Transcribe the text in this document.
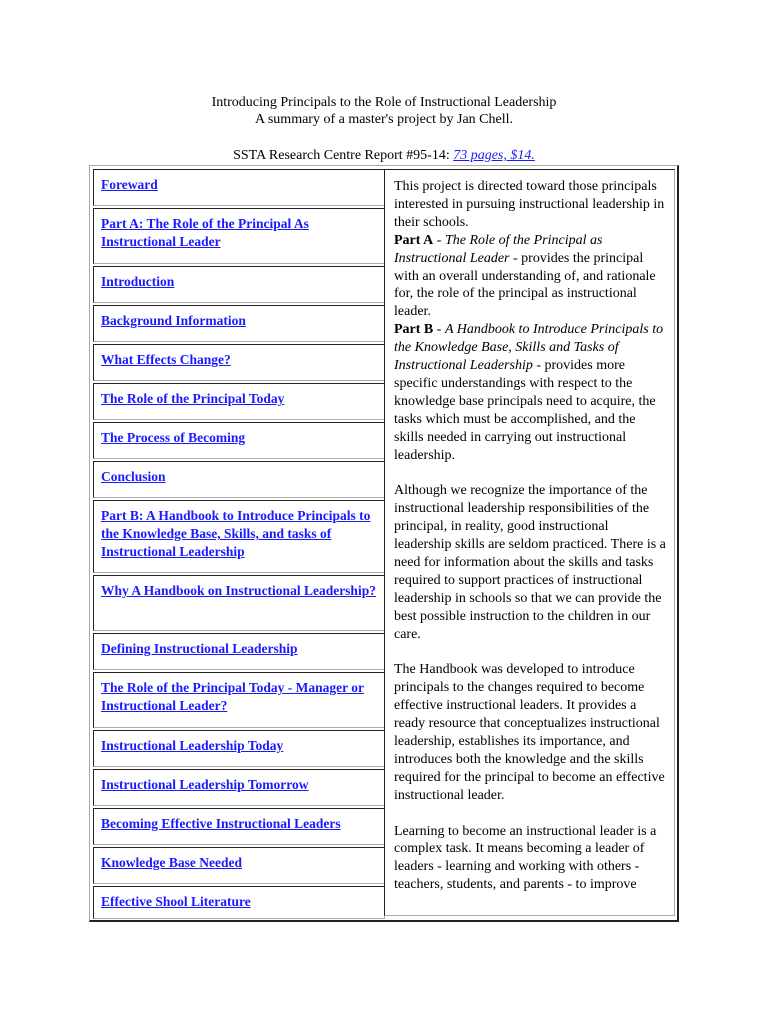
Introducing Principals to the Role of Instructional Leadership
A summary of a master's project by Jan Chell.
SSTA Research Centre Report #95-14: 73 pages, $14.
Foreward
Part A: The Role of the Principal As Instructional Leader
Introduction
Background Information
What Effects Change?
The Role of the Principal Today
The Process of Becoming
Conclusion
Part B: A Handbook to Introduce Principals to the Knowledge Base, Skills, and tasks of Instructional Leadership
Why A Handbook on Instructional Leadership?
Defining Instructional Leadership
The Role of the Principal Today - Manager or Instructional Leader?
Instructional Leadership Today
Instructional Leadership Tomorrow
Becoming Effective Instructional Leaders
Knowledge Base Needed
Effective Shool Literature

This project is directed toward those principals interested in pursuing instructional leadership in their schools.

Part A - The Role of the Principal as Instructional Leader - provides the principal with an overall understanding of, and rationale for, the role of the principal as instructional leader.

Part B - A Handbook to Introduce Principals to the Knowledge Base, Skills and Tasks of Instructional Leadership - provides more specific understandings with respect to the knowledge base principals need to acquire, the tasks which must be accomplished, and the skills needed in carrying out instructional leadership.

Although we recognize the importance of the instructional leadership responsibilities of the principal, in reality, good instructional leadership skills are seldom practiced. There is a need for information about the skills and tasks required to support practices of instructional leadership in schools so that we can provide the best possible instruction to the children in our care.

The Handbook was developed to introduce principals to the changes required to become effective instructional leaders. It provides a ready resource that conceptualizes instructional leadership, establishes its importance, and introduces both the knowledge and the skills required for the principal to become an effective instructional leader.

Learning to become an instructional leader is a complex task. It means becoming a leader of leaders - learning and working with others - teachers, students, and parents - to improve
